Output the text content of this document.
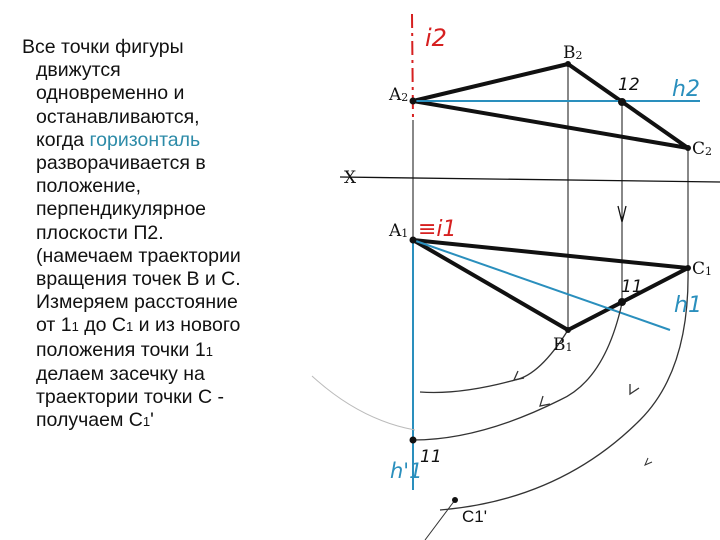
Все точки фигуры
движутся
одновременно и
останавливаются,
когда горизонталь
разворачивается в
положение,
перпендикулярное
плоскости П2.
(намечаем траектории
вращения точек В и С.
Измеряем расстояние
от 11 до С1 и из нового
положения точки 11
делаем засечку на
траектории точки С -
получаем С1'
i2
B2
A2
12 h2
C2
X
A1 ≡i1
C1
11
h1
B1
h'1
11
C1'
